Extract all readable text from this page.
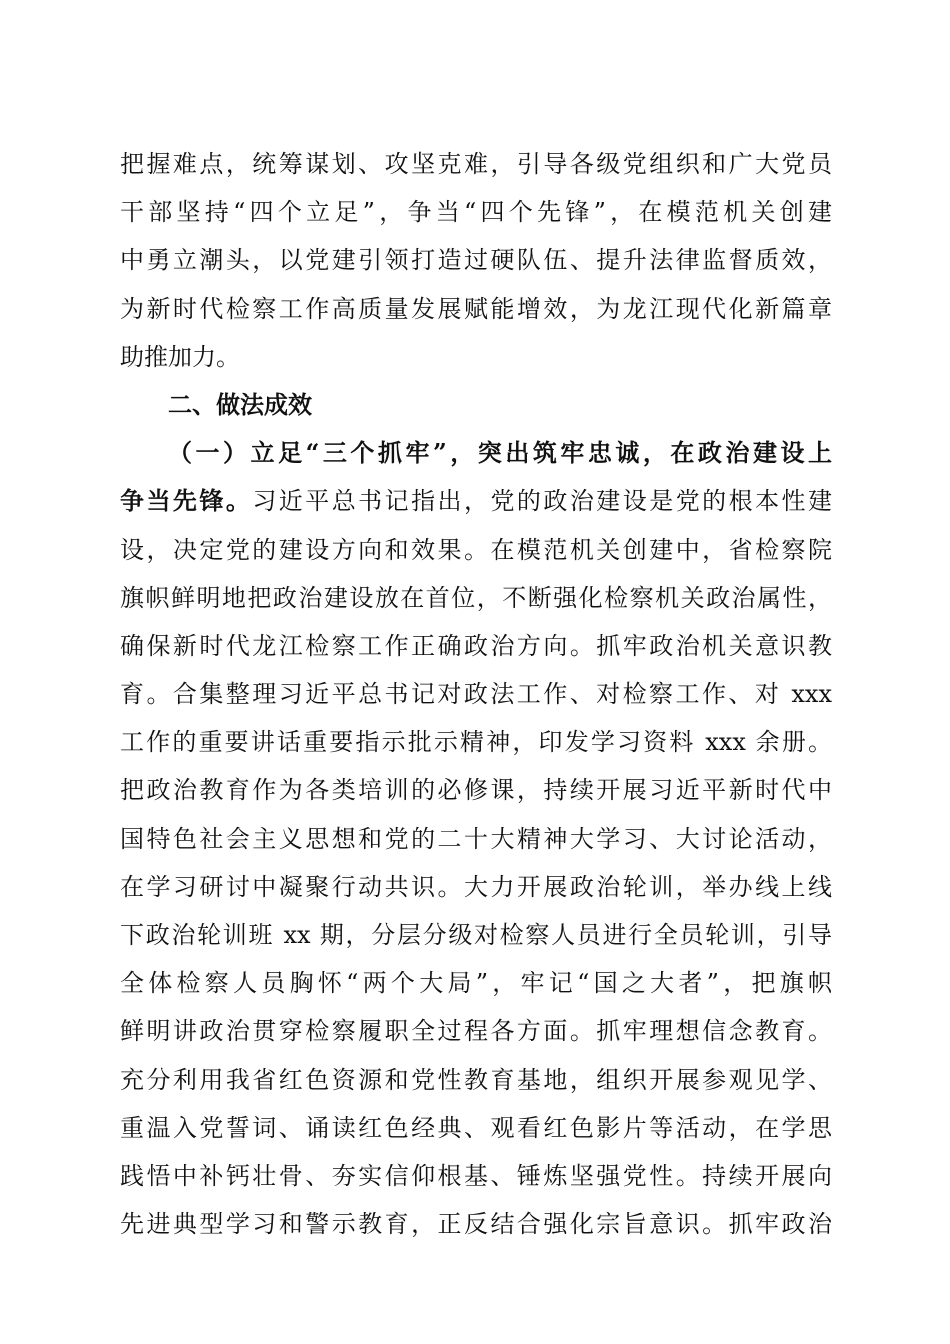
把握难点，统筹谋划、攻坚克难，引导各级党组织和广大党员
干部坚持“四个立足”，争当“四个先锋”，在模范机关创建
中勇立潮头，以党建引领打造过硬队伍、提升法律监督质效，
为新时代检察工作高质量发展赋能增效，为龙江现代化新篇章
助推加力。
二、做法成效
（一）立足“三个抓牢”，突出筑牢忠诚，在政治建设上
争当先锋。习近平总书记指出，党的政治建设是党的根本性建
设，决定党的建设方向和效果。在模范机关创建中，省检察院
旗帜鲜明地把政治建设放在首位，不断强化检察机关政治属性，
确保新时代龙江检察工作正确政治方向。抓牢政治机关意识教
育。合集整理习近平总书记对政法工作、对检察工作、对 xxx
工作的重要讲话重要指示批示精神，印发学习资料 xxx 余册。
把政治教育作为各类培训的必修课，持续开展习近平新时代中
国特色社会主义思想和党的二十大精神大学习、大讨论活动，
在学习研讨中凝聚行动共识。大力开展政治轮训，举办线上线
下政治轮训班 xx 期，分层分级对检察人员进行全员轮训，引导
全体检察人员胸怀“两个大局”，牢记“国之大者”，把旗帜
鲜明讲政治贯穿检察履职全过程各方面。抓牢理想信念教育。
充分利用我省红色资源和党性教育基地，组织开展参观见学、
重温入党誓词、诵读红色经典、观看红色影片等活动，在学思
践悟中补钙壮骨、夯实信仰根基、锤炼坚强党性。持续开展向
先进典型学习和警示教育，正反结合强化宗旨意识。抓牢政治
